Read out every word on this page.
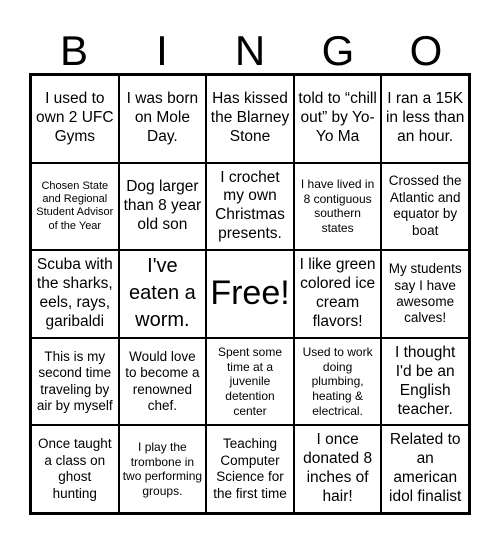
B	I	N	G	O
I used to own 2 UFC Gyms
I was born on Mole Day.
Has kissed the Blarney Stone
told to “chill out” by Yo-Yo Ma
I ran a 15K in less than an hour.
Chosen State and Regional Student Advisor of the Year
Dog larger than 8 year old son
I crochet my own Christmas presents.
I have lived in 8 contiguous southern states
Crossed the Atlantic and equator by boat
Scuba with the sharks, eels, rays, garibaldi
I've eaten a worm.
Free!
I like green colored ice cream flavors!
My students say I have awesome calves!
This is my second time traveling by air by myself
Would love to become a renowned chef.
Spent some time at a juvenile detention center
Used to work doing plumbing, heating & electrical.
I thought I'd be an English teacher.
Once taught a class on ghost hunting
I play the trombone in two performing groups.
Teaching Computer Science for the first time
I once donated 8 inches of hair!
Related to an american idol finalist
